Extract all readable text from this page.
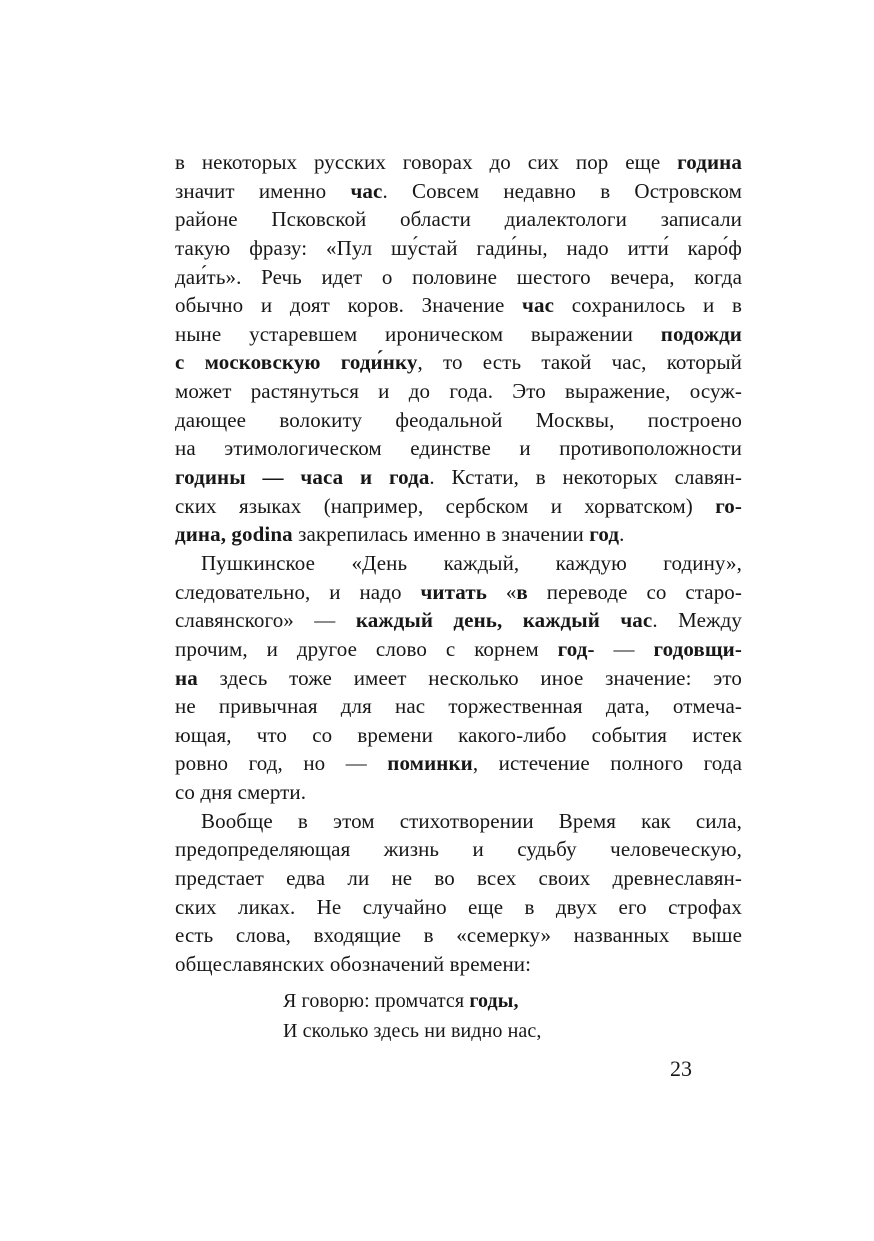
в некоторых русских говорах до сих пор еще година
значит именно час. Совсем недавно в Островском
районе Псковской области диалектологи записали
такую фразу: «Пул шу́стай гади́ны, надо итти́ каро́ф
даи́ть». Речь идет о половине шестого вечера, когда
обычно и доят коров. Значение час сохранилось и в
ныне устаревшем ироническом выражении подожди
с московскую годи́нку, то есть такой час, который
может растянуться и до года. Это выражение, осуж-
дающее волокиту феодальной Москвы, построено
на этимологическом единстве и противоположности
годины — часа и года. Кстати, в некоторых славян-
ских языках (например, сербском и хорватском) го-
дина, godina закрепилась именно в значении год.
Пушкинское «День каждый, каждую годину»,
следовательно, и надо читать «в переводе со старо-
славянского» — каждый день, каждый час. Между
прочим, и другое слово с корнем год- — годовщи-
на здесь тоже имеет несколько иное значение: это
не привычная для нас торжественная дата, отмеча-
ющая, что со времени какого-либо события истек
ровно год, но — поминки, истечение полного года
со дня смерти.
Вообще в этом стихотворении Время как сила,
предопределяющая жизнь и судьбу человеческую,
предстает едва ли не во всех своих древнеславян-
ских ликах. Не случайно еще в двух его строфах
есть слова, входящие в «семерку» названных выше
общеславянских обозначений времени:
Я говорю: промчатся годы,
И сколько здесь ни видно нас,
23
